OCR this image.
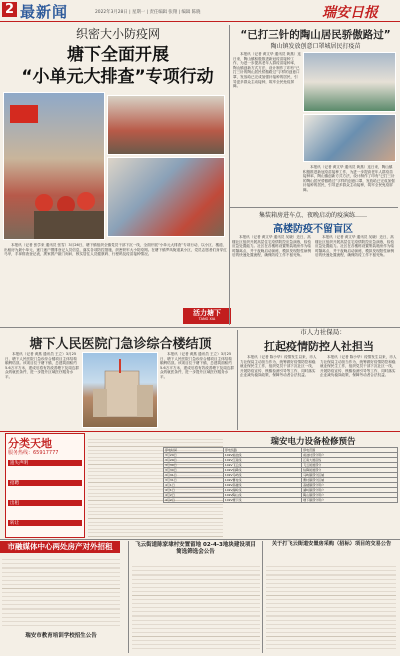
2 最新闻	2022年3月28日 | 星期一 | 责任编辑 张翔 | 编辑 陈晓	瑞安日报
织密大小防疫网
塘下全面开展
“小单元大排查”专项行动

本报讯（记者 张学来 通讯员 张雪）3月26日，塘下镇组织全镇党员干部下沉一线，全面开展“小单元大排查”专项行动，以小区、楼道、出租房为最小单元，逐门逐户摸排登记人员信息，落实各项防控措施，织密织牢大小防疫网。在塘下镇罗凤街道某小区，党员志愿者们身穿红马甲，手拿排查登记表，挨家挨户敲门询问，核实居住人员健康码、行程码及疫苗接种情况。

活力塘下
TANG XIA
“已打三针的陶山居民骄傲路过”
陶山镇发放创意口罩城居民打疫苗

本报讯（记者 黄文华 通讯员 黄燕）连日来，陶山镇积极推进新冠疫苗接种工作，为进一步提高老年人群疫苗接种率，陶山镇创新方式方法，设计制作了印有“已打三针的陶山居民骄傲路过”字样的创意口罩，发放给已完成加强针接种的居民，引导更多群众主动接种，筑牢全民免疫屏障。

本报讯（记者 黄文华 通讯员 黄燕）连日来，陶山镇积极推进新冠疫苗接种工作，为进一步提高老年人群疫苗接种率，陶山镇创新方式方法，设计制作了印有“已打三针的陶山居民骄傲路过”字样的创意口罩，发放给已完成加强针接种的居民，引导更多群众主动接种，筑牢全民免疫屏障。

集装箱房进车点、夜晚启动的疫演练……
高楼防疫不留盲区

本报讯（记者 黄文华 通讯员 吴晓）近日，高楼社区组织开展高层住宅疫情防控应急演练，检验应急处置能力。社区在各楼栋设置集装箱房作为临时隔离点，并于夜晚启动演练，模拟发现阳性病例后的快速处置流程，确保防疫工作不留死角。

本报讯（记者 黄文华 通讯员 吴晓）近日，高楼社区组织开展高层住宅疫情防控应急演练，检验应急处置能力。社区在各楼栋设置集装箱房作为临时隔离点，并于夜晚启动演练，模拟发现阳性病例后的快速处置流程，确保防疫工作不留死角。

市人力社保局：
扛起疫情防控人社担当

本报讯（记者 陈小华）疫情发生以来，市人力社保局主动担当作为，统筹做好疫情防控和稳就业保民生工作，组织党员干部下沉社区一线，开展防疫宣传、核酸检测引导等工作，同时落实企业减负稳岗政策，保障劳动者合法权益。

本报讯（记者 陈小华）疫情发生以来，市人力社保局主动担当作为，统筹做好疫情防控和稳就业保民生工作，组织党员干部下沉社区一线，开展防疫宣传、核酸检测引导等工作，同时落实企业减负稳岗政策，保障劳动者合法权益。

塘下人民医院门急诊综合楼结顶

本报讯（记者 黄燕 通讯员 王立）3月25日，塘下人民医院门急诊综合楼项目主体结构顺利结顶。该项目位于塘下镇，总建筑面积约5.6万平方米，建成后将有效改善塘下及周边群众的就医条件，进一步提升区域医疗服务水平。

本报讯（记者 黄燕 通讯员 王立）3月25日，塘下人民医院门急诊综合楼项目主体结构顺利结顶。该项目位于塘下镇，总建筑面积约5.6万平方米，建成后将有效改善塘下及周边群众的就医条件，进一步提升区域医疗服务水平。

分类天地
服务热线：65917777
遗失声明
招聘
出租
转让
瑞安电力设备检修预告
停电时间	停电线路	停电范围
3月29日	10kV前池线	前池村部分用户
3月29日	10kV江南线	江南大道沿线
3月30日	10kV飞云线	飞云街道部分
3月30日	10kV仙降线	仙降街道部分
3月31日	10kV马屿线	马屿镇部分区域
3月31日	10kV曹村线	曹村镇部分区域
4月1日	10kV高楼线	高楼镇部分用户
4月1日	10kV湖岭线	湖岭镇部分用户
4月2日	10kV陶山线	陶山镇部分用户
4月2日	10kV塘下线	塘下镇部分用户
市融媒体中心两处房产对外招租
瑞安市教育培训学校招生公告
飞云街道陈家埭村安置留地 02-4-3地块建设项目 简选筛选会公告
关于打飞云街道安置房采购（招标）项目的交易公告
